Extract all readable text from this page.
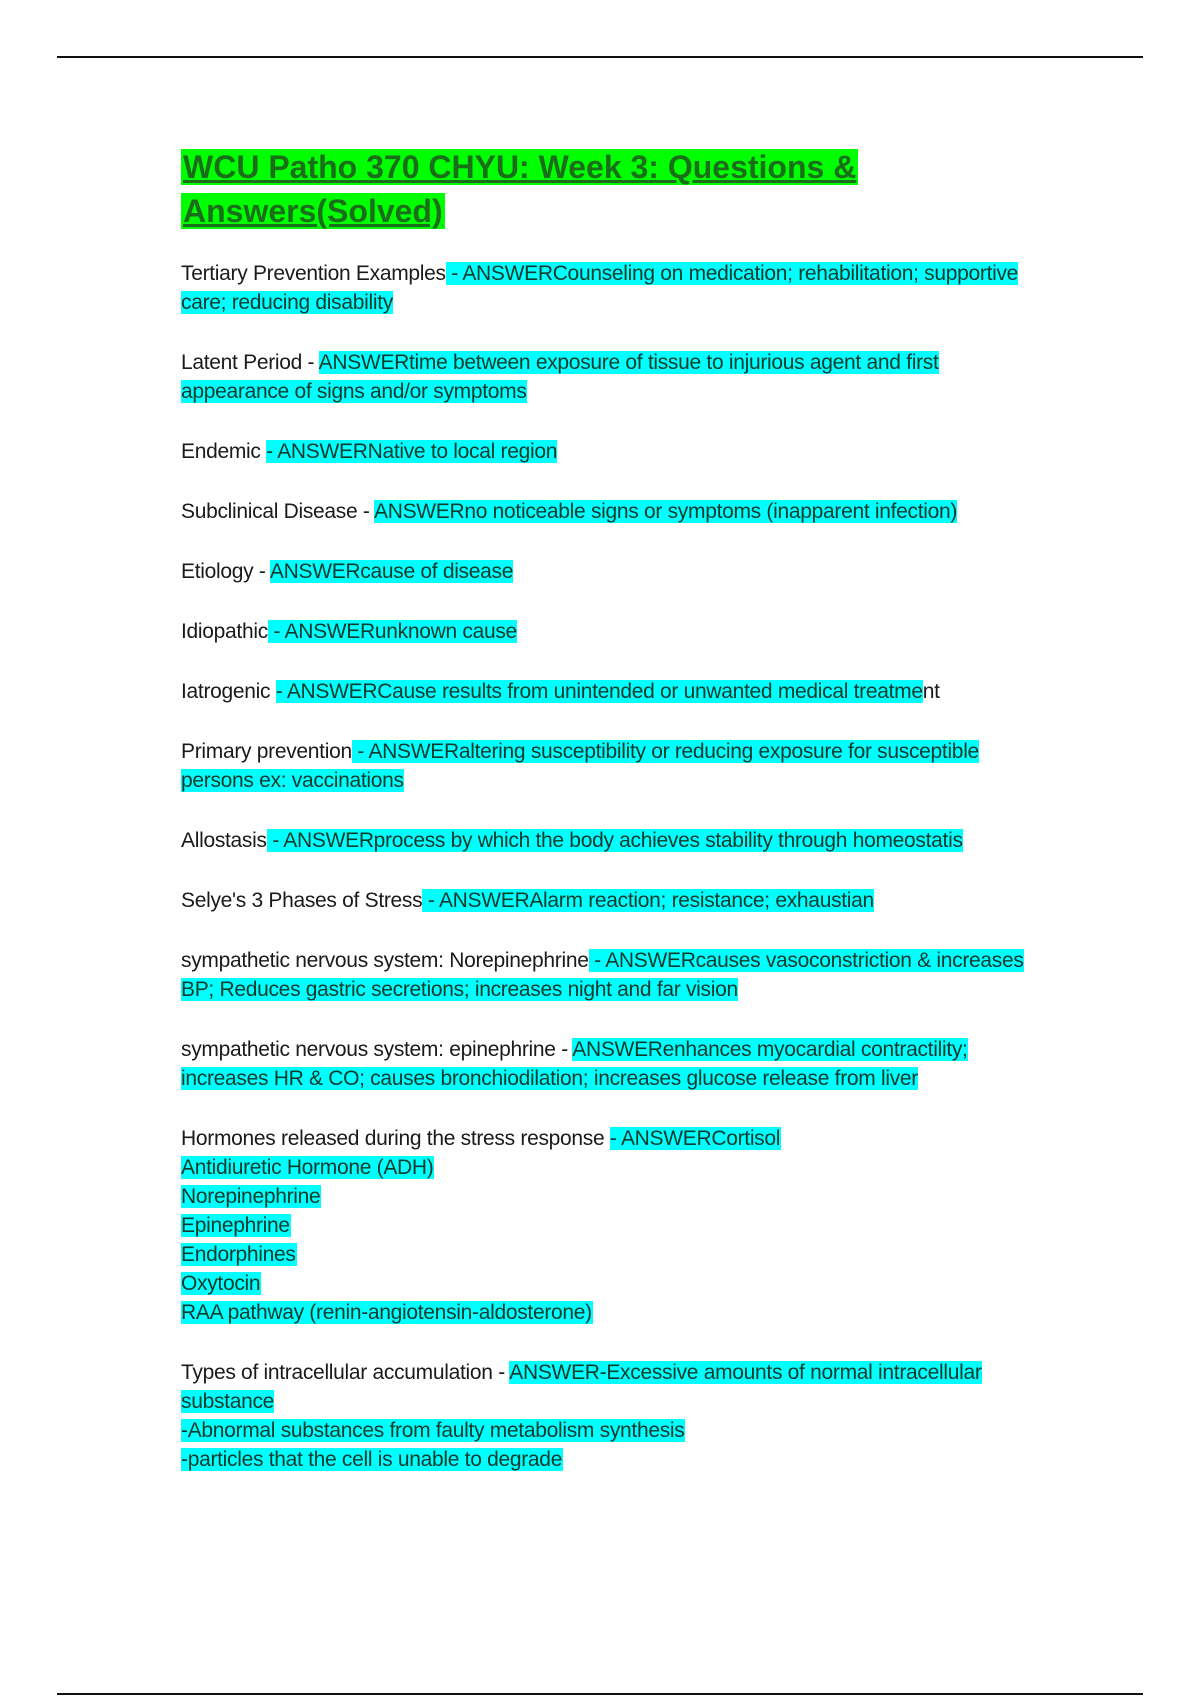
WCU Patho 370 CHYU: Week 3: Questions &
Answers(Solved)

Tertiary Prevention Examples - ANSWERCounseling on medication; rehabilitation; supportive care; reducing disability

Latent Period - ANSWERtime between exposure of tissue to injurious agent and first appearance of signs and/or symptoms

Endemic - ANSWERNative to local region

Subclinical Disease - ANSWERno noticeable signs or symptoms (inapparent infection)

Etiology - ANSWERcause of disease

Idiopathic - ANSWERunknown cause

Iatrogenic - ANSWERCause results from unintended or unwanted medical treatment

Primary prevention - ANSWERaltering susceptibility or reducing exposure for susceptible persons ex: vaccinations

Allostasis - ANSWERprocess by which the body achieves stability through homeostatis

Selye's 3 Phases of Stress - ANSWERAlarm reaction; resistance; exhaustian

sympathetic nervous system: Norepinephrine - ANSWERcauses vasoconstriction & increases BP; Reduces gastric secretions; increases night and far vision

sympathetic nervous system: epinephrine - ANSWERenhances myocardial contractility; increases HR & CO; causes bronchiodilation; increases glucose release from liver

Hormones released during the stress response - ANSWERCortisol
Antidiuretic Hormone (ADH)
Norepinephrine
Epinephrine
Endorphines
Oxytocin
RAA pathway (renin-angiotensin-aldosterone)

Types of intracellular accumulation - ANSWER-Excessive amounts of normal intracellular substance
-Abnormal substances from faulty metabolism synthesis
-particles that the cell is unable to degrade
